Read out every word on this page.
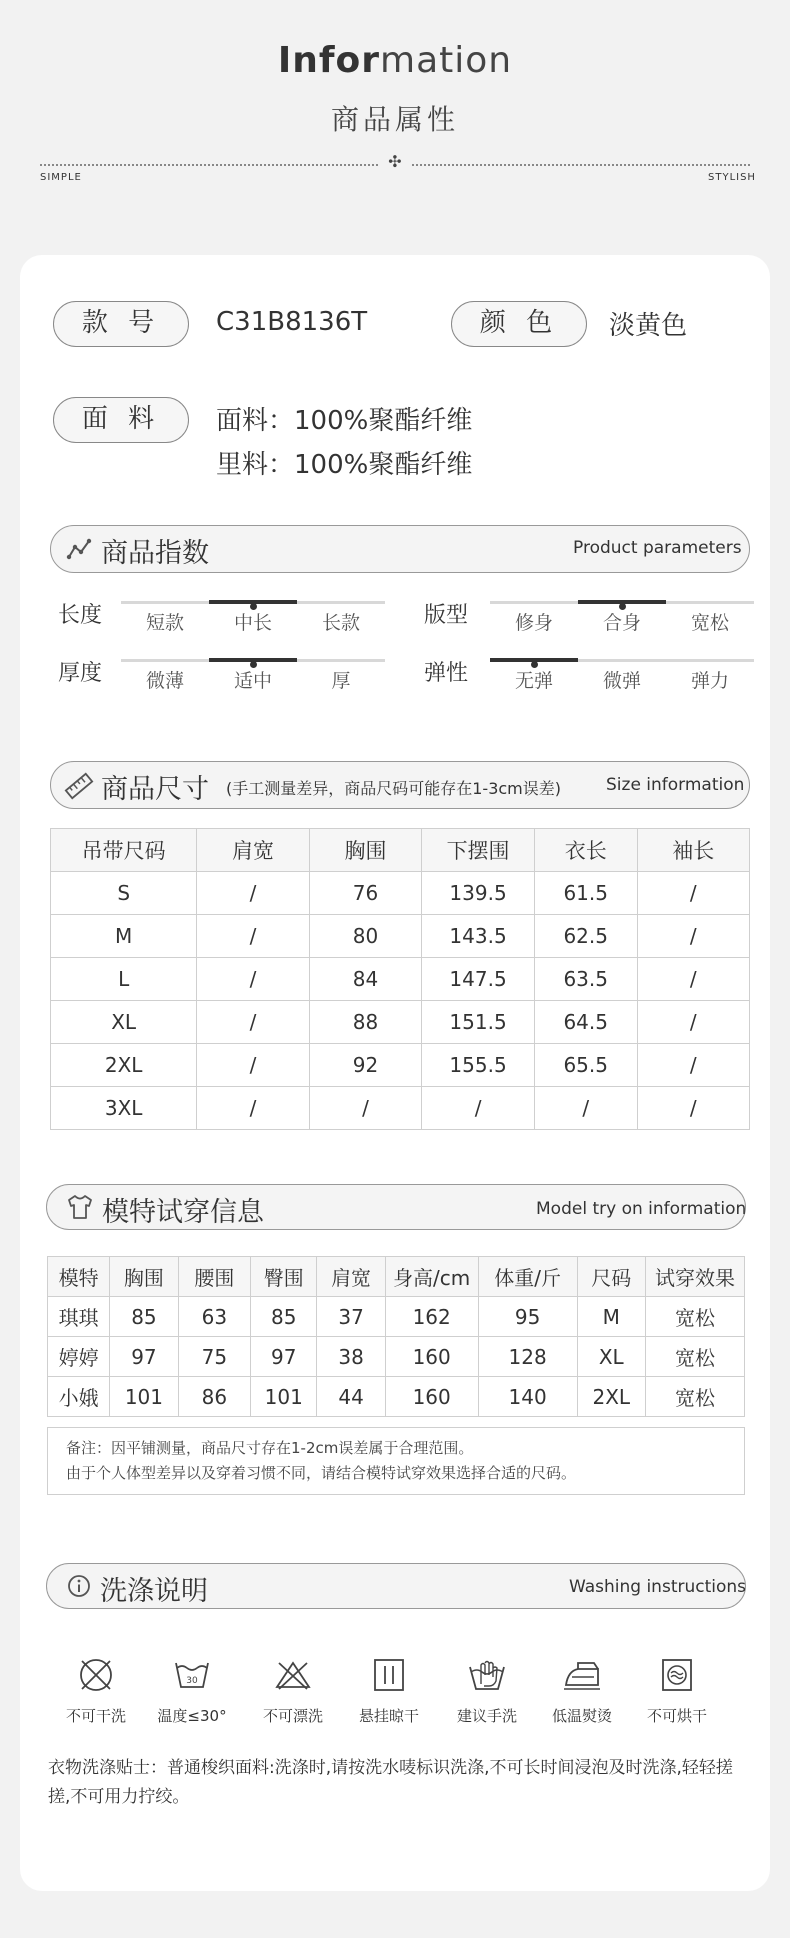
Information
商品属性
✣
SIMPLE	STYLISH
款 号	C31B8136T	颜 色	淡黄色
面 料	面料：100%聚酯纤维
里料：100%聚酯纤维
商品指数	Product parameters
长度	短款	中长	长款	版型	修身	合身	宽松
厚度	微薄	适中	厚	弹性	无弹	微弹	弹力
商品尺寸 (手工测量差异，商品尺码可能存在1-3cm误差)	Size information
吊带尺码	肩宽	胸围	下摆围	衣长	袖长
S	/	76	139.5	61.5	/
M	/	80	143.5	62.5	/
L	/	84	147.5	63.5	/
XL	/	88	151.5	64.5	/
2XL	/	92	155.5	65.5	/
3XL	/	/	/	/	/
模特试穿信息	Model try on information
模特	胸围	腰围	臀围	肩宽	身高/cm	体重/斤	尺码	试穿效果
琪琪	85	63	85	37	162	95	M	宽松
婷婷	97	75	97	38	160	128	XL	宽松
小娥	101	86	101	44	160	140	2XL	宽松
备注：因平铺测量，商品尺寸存在1-2cm误差属于合理范围。
由于个人体型差异以及穿着习惯不同，请结合模特试穿效果选择合适的尺码。
洗涤说明	Washing instructions
不可干洗
30
温度≤30°	不可漂洗	悬挂晾干	建议手洗	低温熨烫	不可烘干
衣物洗涤贴士：普通梭织面料:洗涤时,请按洗水唛标识洗涤,不可长时间浸泡及时洗涤,轻轻搓搓,不可用力拧绞。
